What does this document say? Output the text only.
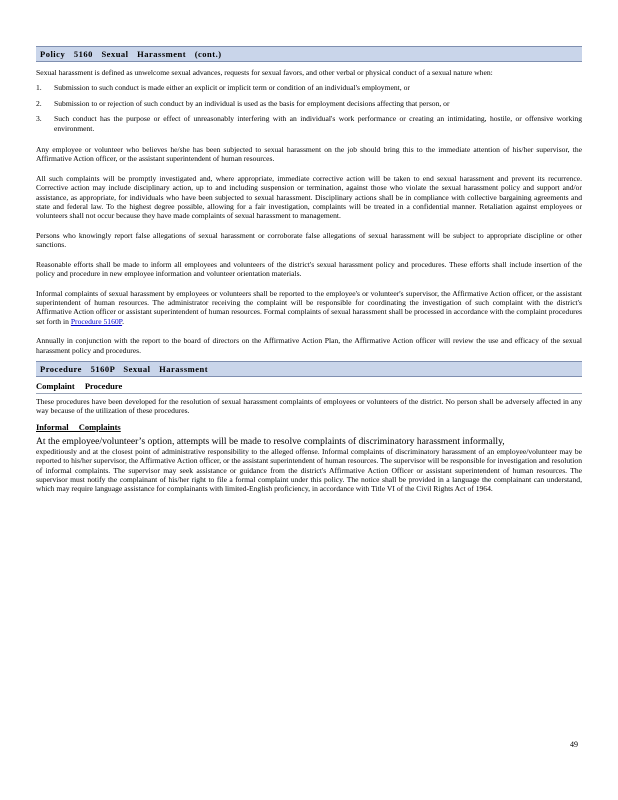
Policy 5160 Sexual Harassment (cont.)

Sexual harassment is defined as unwelcome sexual advances, requests for sexual favors, and other verbal or physical conduct of a sexual nature when:

1.	Submission to such conduct is made either an explicit or implicit term or condition of an individual's employment, or
2.	Submission to or rejection of such conduct by an individual is used as the basis for employment decisions affecting that person, or
3.	Such conduct has the purpose or effect of unreasonably interfering with an individual's work performance or creating an intimidating, hostile, or offensive working environment.

Any employee or volunteer who believes he/she has been subjected to sexual harassment on the job should bring this to the immediate attention of his/her supervisor, the Affirmative Action officer, or the assistant superintendent of human resources.

All such complaints will be promptly investigated and, where appropriate, immediate corrective action will be taken to end sexual harassment and prevent its recurrence. Corrective action may include disciplinary action, up to and including suspension or termination, against those who violate the sexual harassment policy and support and/or assistance, as appropriate, for individuals who have been subjected to sexual harassment. Disciplinary actions shall be in compliance with collective bargaining agreements and state and federal law. To the highest degree possible, allowing for a fair investigation, complaints will be treated in a confidential manner. Retaliation against employees or volunteers shall not occur because they have made complaints of sexual harassment to management.

Persons who knowingly report false allegations of sexual harassment or corroborate false allegations of sexual harassment will be subject to appropriate discipline or other sanctions.

Reasonable efforts shall be made to inform all employees and volunteers of the district's sexual harassment policy and procedures. These efforts shall include insertion of the policy and procedure in new employee information and volunteer orientation materials.

Informal complaints of sexual harassment by employees or volunteers shall be reported to the employee's or volunteer's supervisor, the Affirmative Action officer, or the assistant superintendent of human resources. The administrator receiving the complaint will be responsible for coordinating the investigation of such complaint with the district's Affirmative Action officer or assistant superintendent of human resources. Formal complaints of sexual harassment shall be processed in accordance with the complaint procedures set forth in Procedure 5160P.

Annually in conjunction with the report to the board of directors on the Affirmative Action Plan, the Affirmative Action officer will review the use and efficacy of the sexual harassment policy and procedures.

Procedure 5160P Sexual Harassment
Complaint Procedure

These procedures have been developed for the resolution of sexual harassment complaints of employees or volunteers of the district. No person shall be adversely affected in any way because of the utilization of these procedures.

Informal Complaints

At the employee/volunteer’s option, attempts will be made to resolve complaints of discriminatory harassment informally,

expeditiously and at the closest point of administrative responsibility to the alleged offense. Informal complaints of discriminatory harassment of an employee/volunteer may be reported to his/her supervisor, the Affirmative Action officer, or the assistant superintendent of human resources. The supervisor will be responsible for investigation and resolution of informal complaints. The supervisor may seek assistance or guidance from the district's Affirmative Action Officer or assistant superintendent of human resources. The supervisor must notify the complainant of his/her right to file a formal complaint under this policy. The notice shall be provided in a language the complainant can understand, which may require language assistance for complainants with limited-English proficiency, in accordance with Title VI of the Civil Rights Act of 1964.

49
